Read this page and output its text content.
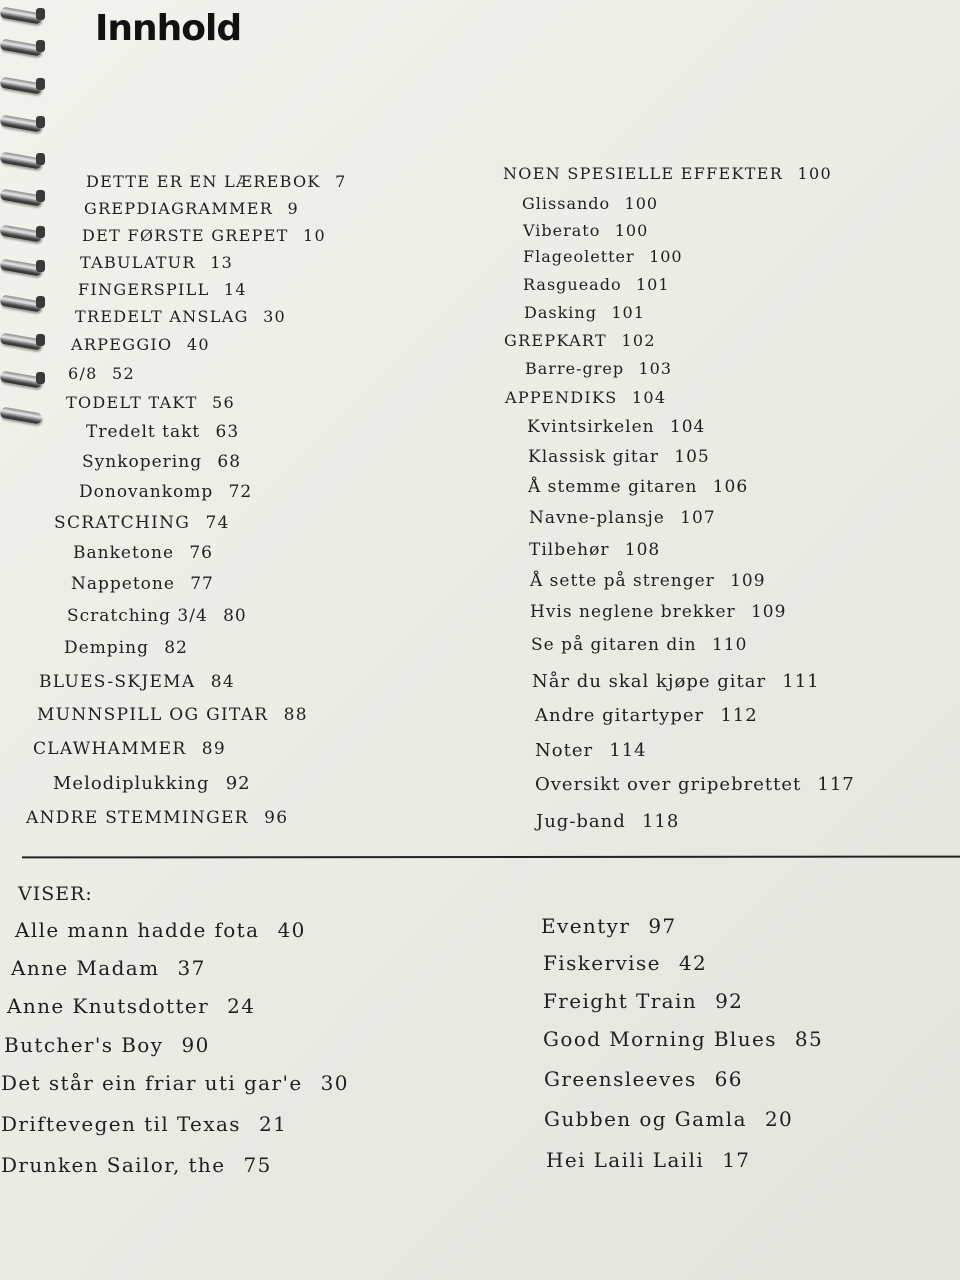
Innhold
DETTE ER EN LÆREBOK 7
GREPDIAGRAMMER 9
DET FØRSTE GREPET 10
TABULATUR 13
FINGERSPILL 14
TREDELT ANSLAG 30
ARPEGGIO 40
6/8 52
TODELT TAKT 56
Tredelt takt 63
Synkopering 68
Donovankomp 72
SCRATCHING 74
Banketone 76
Nappetone 77
Scratching 3/4 80
Demping 82
BLUES-SKJEMA 84
MUNNSPILL OG GITAR 88
CLAWHAMMER 89
Melodiplukking 92
ANDRE STEMMINGER 96
NOEN SPESIELLE EFFEKTER 100
Glissando 100
Viberato 100
Flageoletter 100
Rasgueado 101
Dasking 101
GREPKART 102
Barre-grep 103
APPENDIKS 104
Kvintsirkelen 104
Klassisk gitar 105
Å stemme gitaren 106
Navne-plansje 107
Tilbehør 108
Å sette på strenger 109
Hvis neglene brekker 109
Se på gitaren din 110
Når du skal kjøpe gitar 111
Andre gitartyper 112
Noter 114
Oversikt over gripebrettet 117
Jug-band 118
VISER:
Alle mann hadde fota 40
Anne Madam 37
Anne Knutsdotter 24
Butcher's Boy 90
Det står ein friar uti gar'e 30
Driftevegen til Texas 21
Drunken Sailor, the 75
Eventyr 97
Fiskervise 42
Freight Train 92
Good Morning Blues 85
Greensleeves 66
Gubben og Gamla 20
Hei Laili Laili 17
